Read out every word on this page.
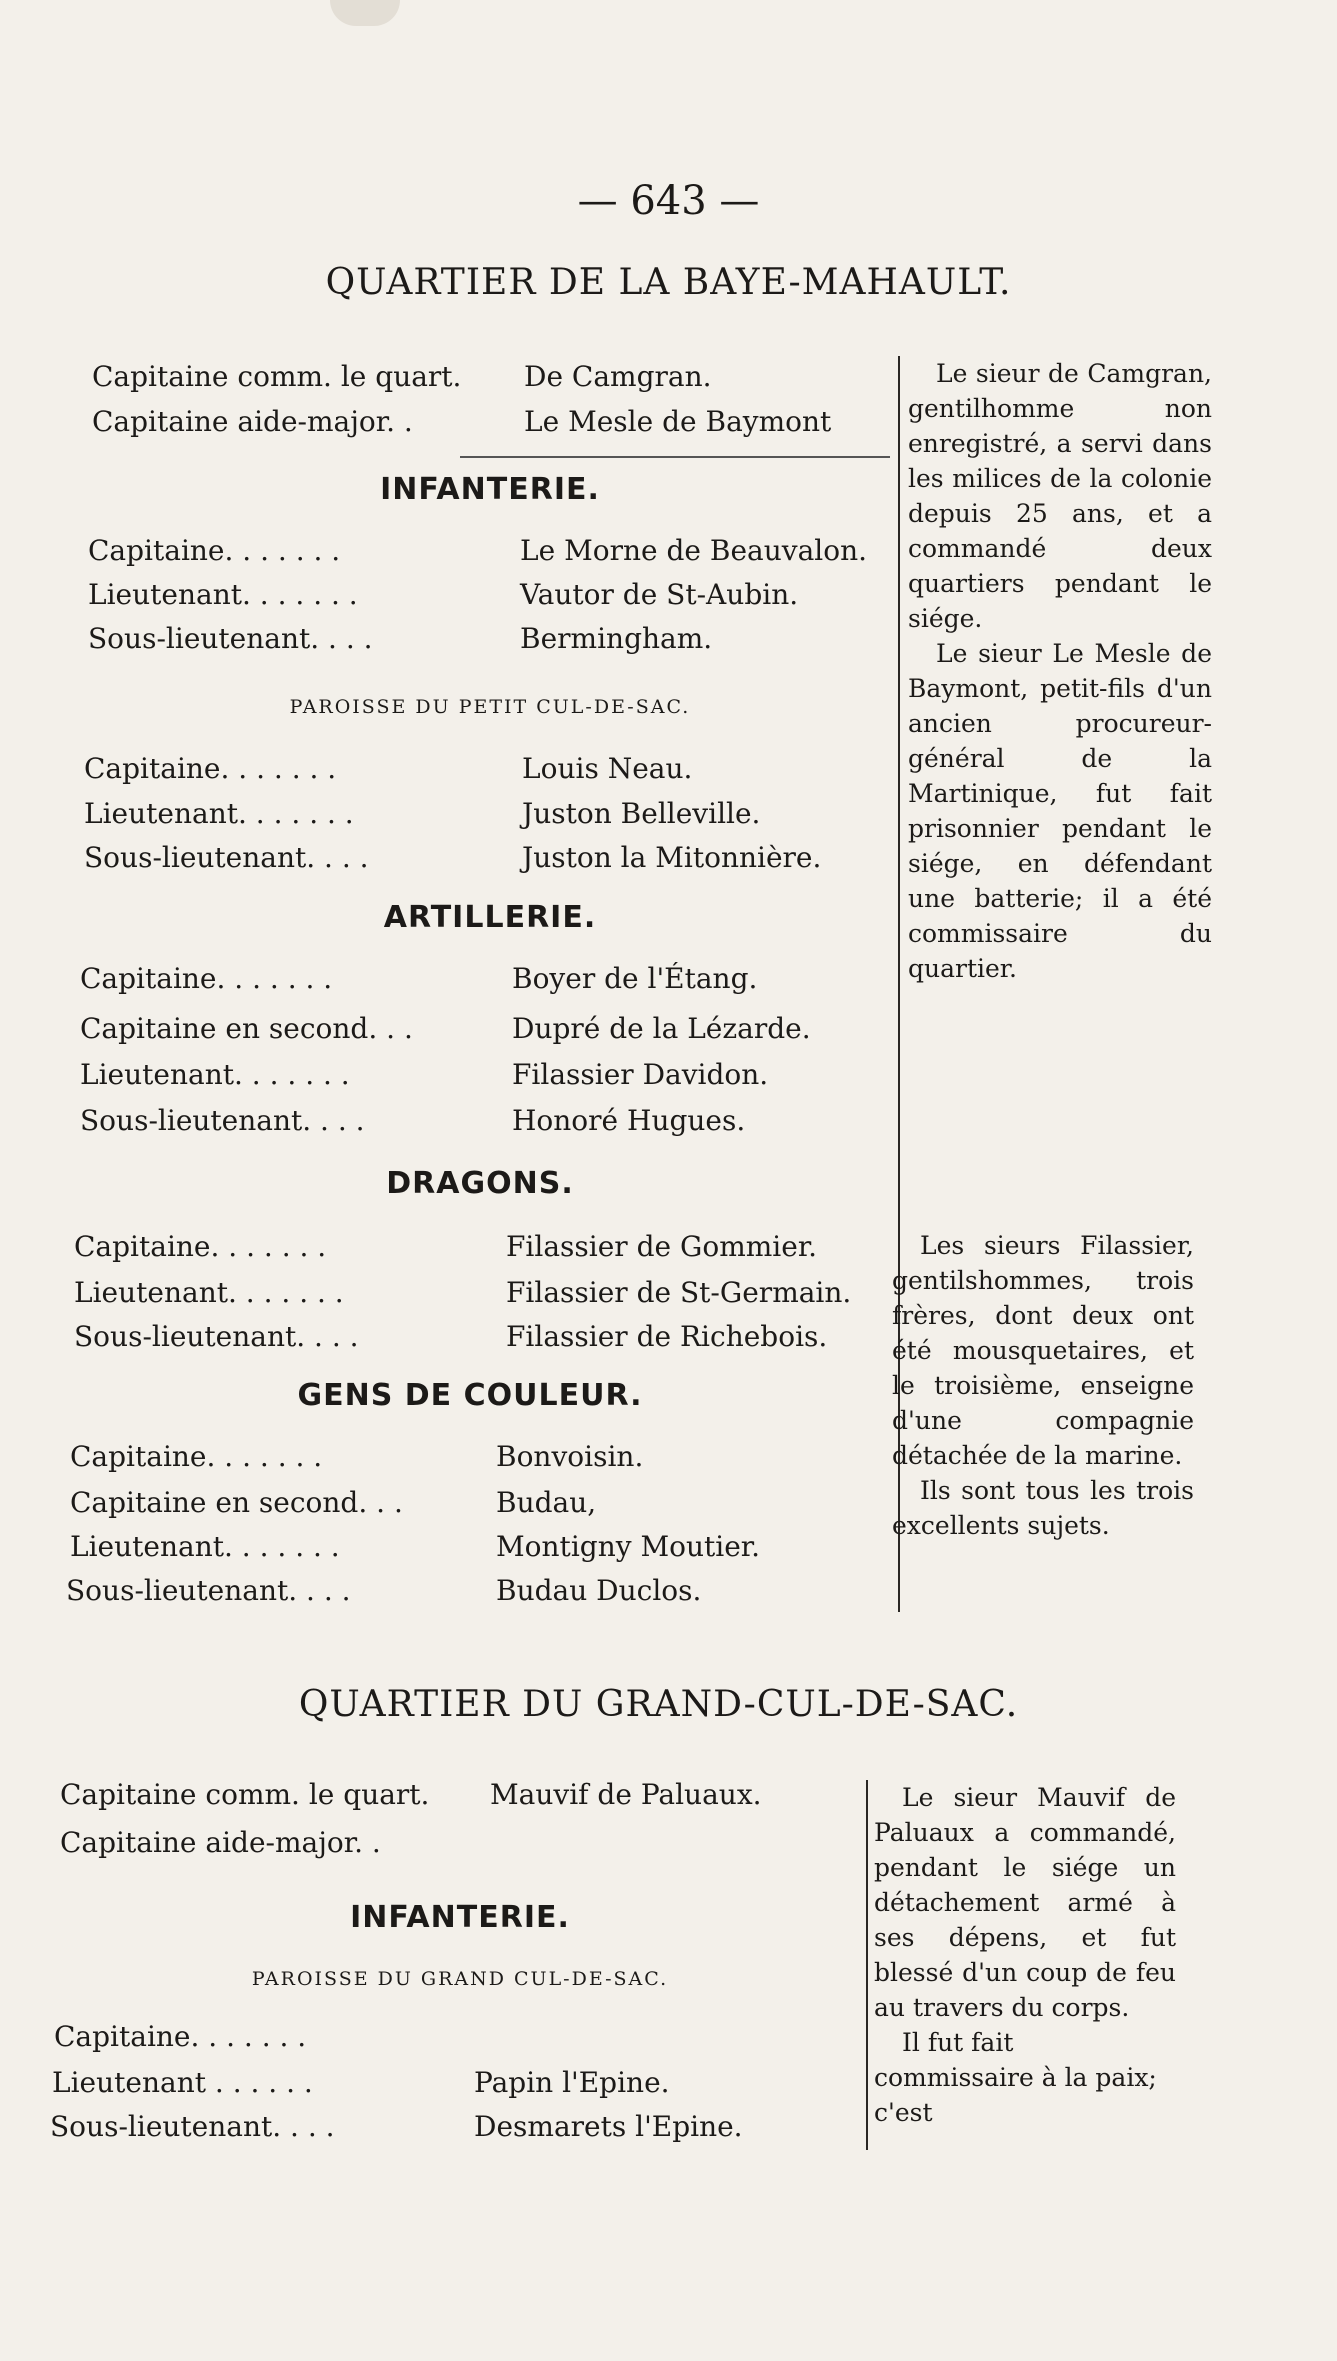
— 643 —
QUARTIER DE LA BAYE-MAHAULT.
Capitaine comm. le quart. De Camgran.
Capitaine aide-major. .	Le Mesle de Baymont
INFANTERIE.
Capitaine. . . . . . .	Le Morne de Beauvalon.
Lieutenant. . . . . . .	Vautor de St-Aubin.
Sous-lieutenant. . . .	Bermingham.
PAROISSE DU PETIT CUL-DE-SAC.
Capitaine. . . . . . .	Louis Neau.
Lieutenant. . . . . . .	Juston Belleville.
Sous-lieutenant. . . .	Juston la Mitonnière.
ARTILLERIE.
Capitaine. . . . . . .	Boyer de l'Étang.
Capitaine en second. . .	Dupré de la Lézarde.
Lieutenant. . . . . . .	Filassier Davidon.
Sous-lieutenant. . . .	Honoré Hugues.
DRAGONS.
Capitaine. . . . . . .	Filassier de Gommier.
Lieutenant. . . . . . .	Filassier de St-Germain.
Sous-lieutenant. . . .	Filassier de Richebois.
GENS DE COULEUR.
Capitaine. . . . . . .	Bonvoisin.
Capitaine en second. . .	Budau,
Lieutenant. . . . . . .	Montigny Moutier.
Sous-lieutenant. . . .	Budau Duclos.

Le sieur de Camgran, gentilhomme non enregistré, a servi dans les milices de la colonie depuis 25 ans, et a commandé deux quartiers pendant le siége.

Le sieur Le Mesle de Baymont, petit-fils d'un ancien procureur-général de la Martinique, fut fait prisonnier pendant le siége, en défendant une batterie; il a été commissaire du quartier.

Les sieurs Filassier, gentilshommes, trois frères, dont deux ont été mousquetaires, et le troisième, enseigne d'une compagnie détachée de la marine.

Ils sont tous les trois excellents sujets.

QUARTIER DU GRAND-CUL-DE-SAC.
Capitaine comm. le quart. Mauvif de Paluaux.
Capitaine aide-major. .
INFANTERIE.
PAROISSE DU GRAND CUL-DE-SAC.
Capitaine. . . . . . .
Lieutenant . . . . . .	Papin l'Epine.
Sous-lieutenant. . . .	Desmarets l'Epine.

Le sieur Mauvif de Paluaux a commandé, pendant le siége un détachement armé à ses dépens, et fut blessé d'un coup de feu au travers du corps.

Il fut fait commissaire à la paix; c'est
